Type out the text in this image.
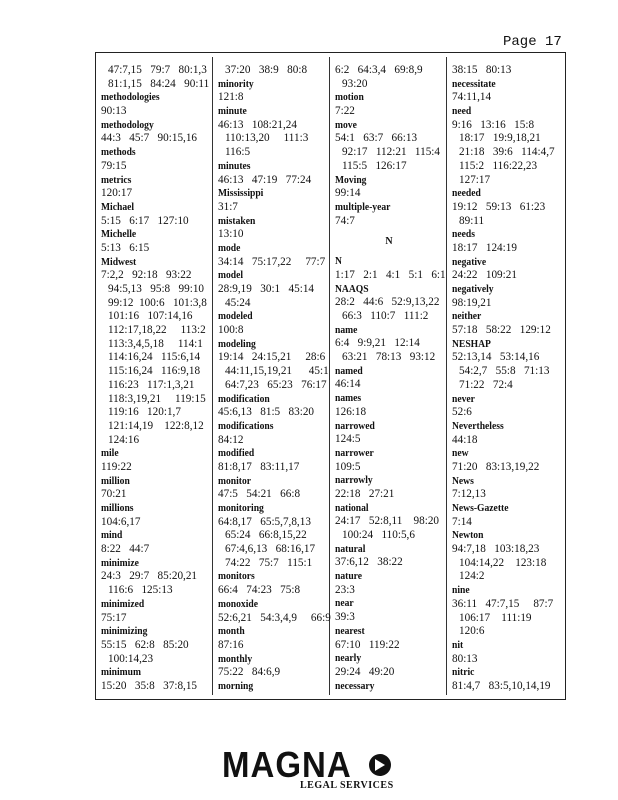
Page 17
47:7,15   79:7   80:1,3
81:1,15   84:24   90:11
methodologies
90:13
methodology
44:3   45:7   90:15,16
methods
79:15
metrics
120:17
Michael
5:15   6:17   127:10
Michelle
5:13   6:15
Midwest
7:2,2   92:18   93:22
94:5,13   95:8   99:10
99:12  100:6   101:3,8
101:16   107:14,16
112:17,18,22     113:2
113:3,4,5,18     114:1
114:16,24   115:6,14
115:16,24   116:9,18
116:23   117:1,3,21
118:3,19,21     119:15
119:16   120:1,7
121:14,19    122:8,12
124:16
mile
119:22
million
70:21
millions
104:6,17
mind
8:22   44:7
minimize
24:3   29:7   85:20,21
116:6   125:13
minimized
75:17
minimizing
55:15   62:8   85:20
100:14,23
minimum
15:20   35:8   37:8,15
37:20   38:9   80:8
minority
121:8
minute
46:13   108:21,24
110:13,20     111:3
116:5
minutes
46:13   47:19   77:24
Mississippi
31:7
mistaken
13:10
mode
34:14   75:17,22     77:7
model
28:9,19   30:1   45:14
45:24
modeled
100:8
modeling
19:14   24:15,21     28:6
44:11,15,19,21      45:1
64:7,23   65:23   76:17
modification
45:6,13   81:5   83:20
modifications
84:12
modified
81:8,17   83:11,17
monitor
47:5   54:21   66:8
monitoring
64:8,17   65:5,7,8,13
65:24   66:8,15,22
67:4,6,13   68:16,17
74:22   75:7   115:1
monitors
66:4   74:23   75:8
monoxide
52:6,21   54:3,4,9     66:9
month
87:16
monthly
75:22   84:6,9
morning
6:2   64:3,4   69:8,9
93:20
motion
7:22
move
54:1   63:7   66:13
92:17   112:21   115:4
115:5   126:17
Moving
99:14
multiple-year
74:7
N
N
1:17   2:1   4:1   5:1   6:1
NAAQS
28:2   44:6   52:9,13,22
66:3   110:7   111:2
name
6:4   9:9,21   12:14
63:21   78:13   93:12
named
46:14
names
126:18
narrowed
124:5
narrower
109:5
narrowly
22:18   27:21
national
24:17   52:8,11    98:20
100:24   110:5,6
natural
37:6,12   38:22
nature
23:3
near
39:3
nearest
67:10   119:22
nearly
29:24   49:20
necessary
38:15   80:13
necessitate
74:11,14
need
9:16   13:16   15:8
18:17   19:9,18,21
21:18   39:6   114:4,7
115:2   116:22,23
127:17
needed
19:12   59:13   61:23
89:11
needs
18:17   124:19
negative
24:22   109:21
negatively
98:19,21
neither
57:18   58:22   129:12
NESHAP
52:13,14   53:14,16
54:2,7   55:8   71:13
71:22   72:4
never
52:6
Nevertheless
44:18
new
71:20   83:13,19,22
News
7:12,13
News-Gazette
7:14
Newton
94:7,18   103:18,23
104:14,22    123:18
124:2
nine
36:11   47:7,15     87:7
106:17    111:19
120:6
nit
80:13
nitric
81:4,7   83:5,10,14,19
MAGNA
LEGAL SERVICES
